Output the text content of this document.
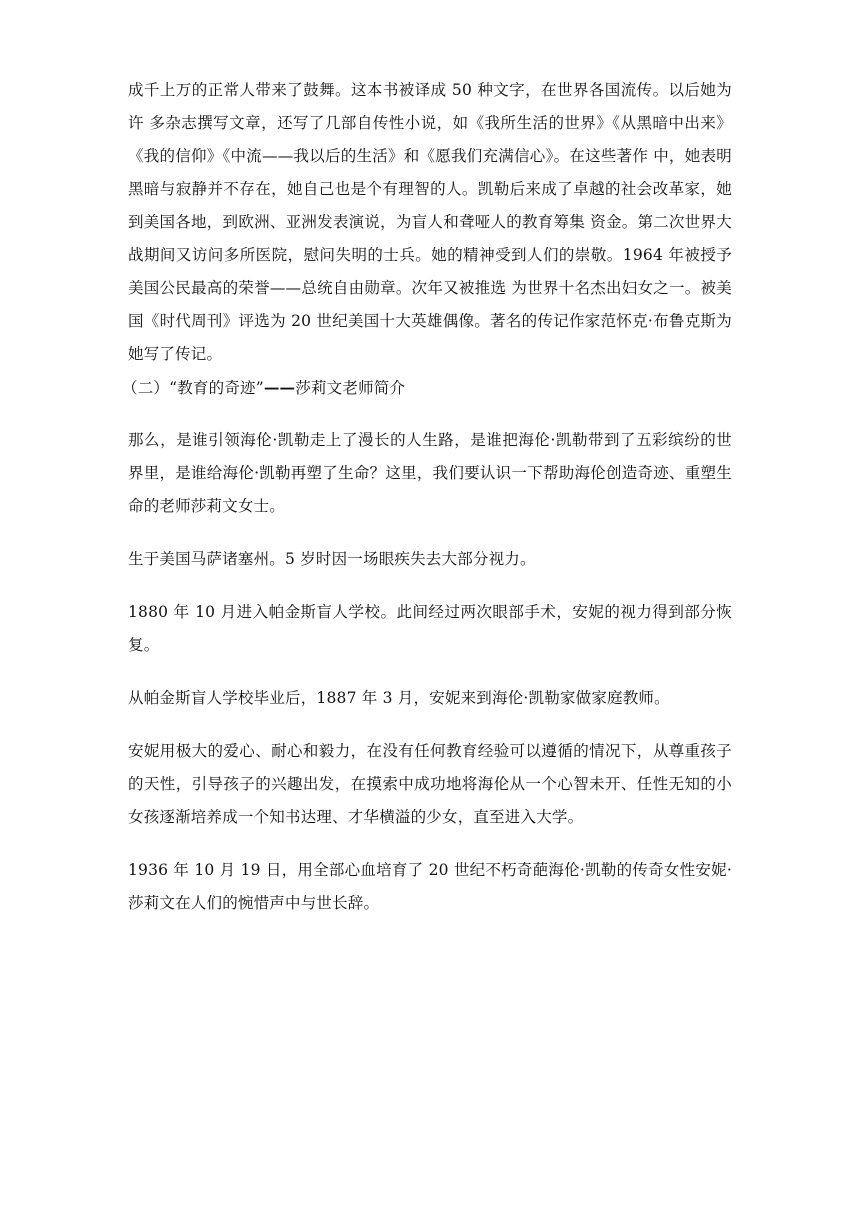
成千上万的正常人带来了鼓舞。这本书被译成 50 种文字，在世界各国流传。以后她为许 多杂志撰写文章，还写了几部自传性小说，如《我所生活的世界》《从黑暗中出来》《我的信仰》《中流——我以后的生活》和《愿我们充满信心》。在这些著作 中，她表明黑暗与寂静并不存在，她自己也是个有理智的人。凯勒后来成了卓越的社会改革家，她到美国各地，到欧洲、亚洲发表演说，为盲人和聋哑人的教育筹集 资金。第二次世界大战期间又访问多所医院，慰问失明的士兵。她的精神受到人们的崇敬。1964 年被授予美国公民最高的荣誉——总统自由勋章。次年又被推选 为世界十名杰出妇女之一。被美国《时代周刊》评选为 20 世纪美国十大英雄偶像。著名的传记作家范怀克·布鲁克斯为她写了传记。

（二）“教育的奇迹”——莎莉文老师简介

那么，是谁引领海伦·凯勒走上了漫长的人生路，是谁把海伦·凯勒带到了五彩缤纷的世界里，是谁给海伦·凯勒再塑了生命？这里，我们要认识一下帮助海伦创造奇迹、重塑生命的老师莎莉文女士。

生于美国马萨诸塞州。5 岁时因一场眼疾失去大部分视力。

1880 年 10 月进入帕金斯盲人学校。此间经过两次眼部手术，安妮的视力得到部分恢复。

从帕金斯盲人学校毕业后，1887 年 3 月，安妮来到海伦·凯勒家做家庭教师。

安妮用极大的爱心、耐心和毅力，在没有任何教育经验可以遵循的情况下，从尊重孩子的天性，引导孩子的兴趣出发，在摸索中成功地将海伦从一个心智未开、任性无知的小女孩逐渐培养成一个知书达理、才华横溢的少女，直至进入大学。

1936 年 10 月 19 日，用全部心血培育了 20 世纪不朽奇葩海伦·凯勒的传奇女性安妮·莎莉文在人们的惋惜声中与世长辞。
